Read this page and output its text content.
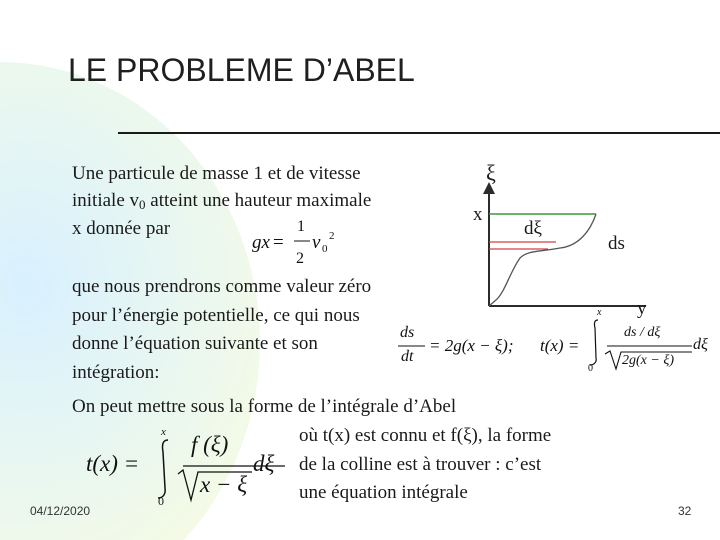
LE PROBLEME D’ABEL
Une particule de masse 1 et de vitesse
initiale $v_0$ atteint une hauteur maximale
x donnée par
gx =
1
2
v 0
2
que nous prendrons comme valeur zéro
pour l’énergie potentielle, ce qui nous
donne l’équation suivante et son
intégration:
On peut mettre sous la forme de l’intégrale d’Abel
où t(x) est connu et f(ξ), la forme
de la colline est à trouver : c’est
une équation intégrale
ξ
x
dξ
ds
y
ds
dt
= 2g(x − ξ); t(x) =
x
0
ds / dξ
2g(x − ξ)
dξ
t(x) =
x
0
f (ξ)
x − ξ
dξ
04/12/2020	32
